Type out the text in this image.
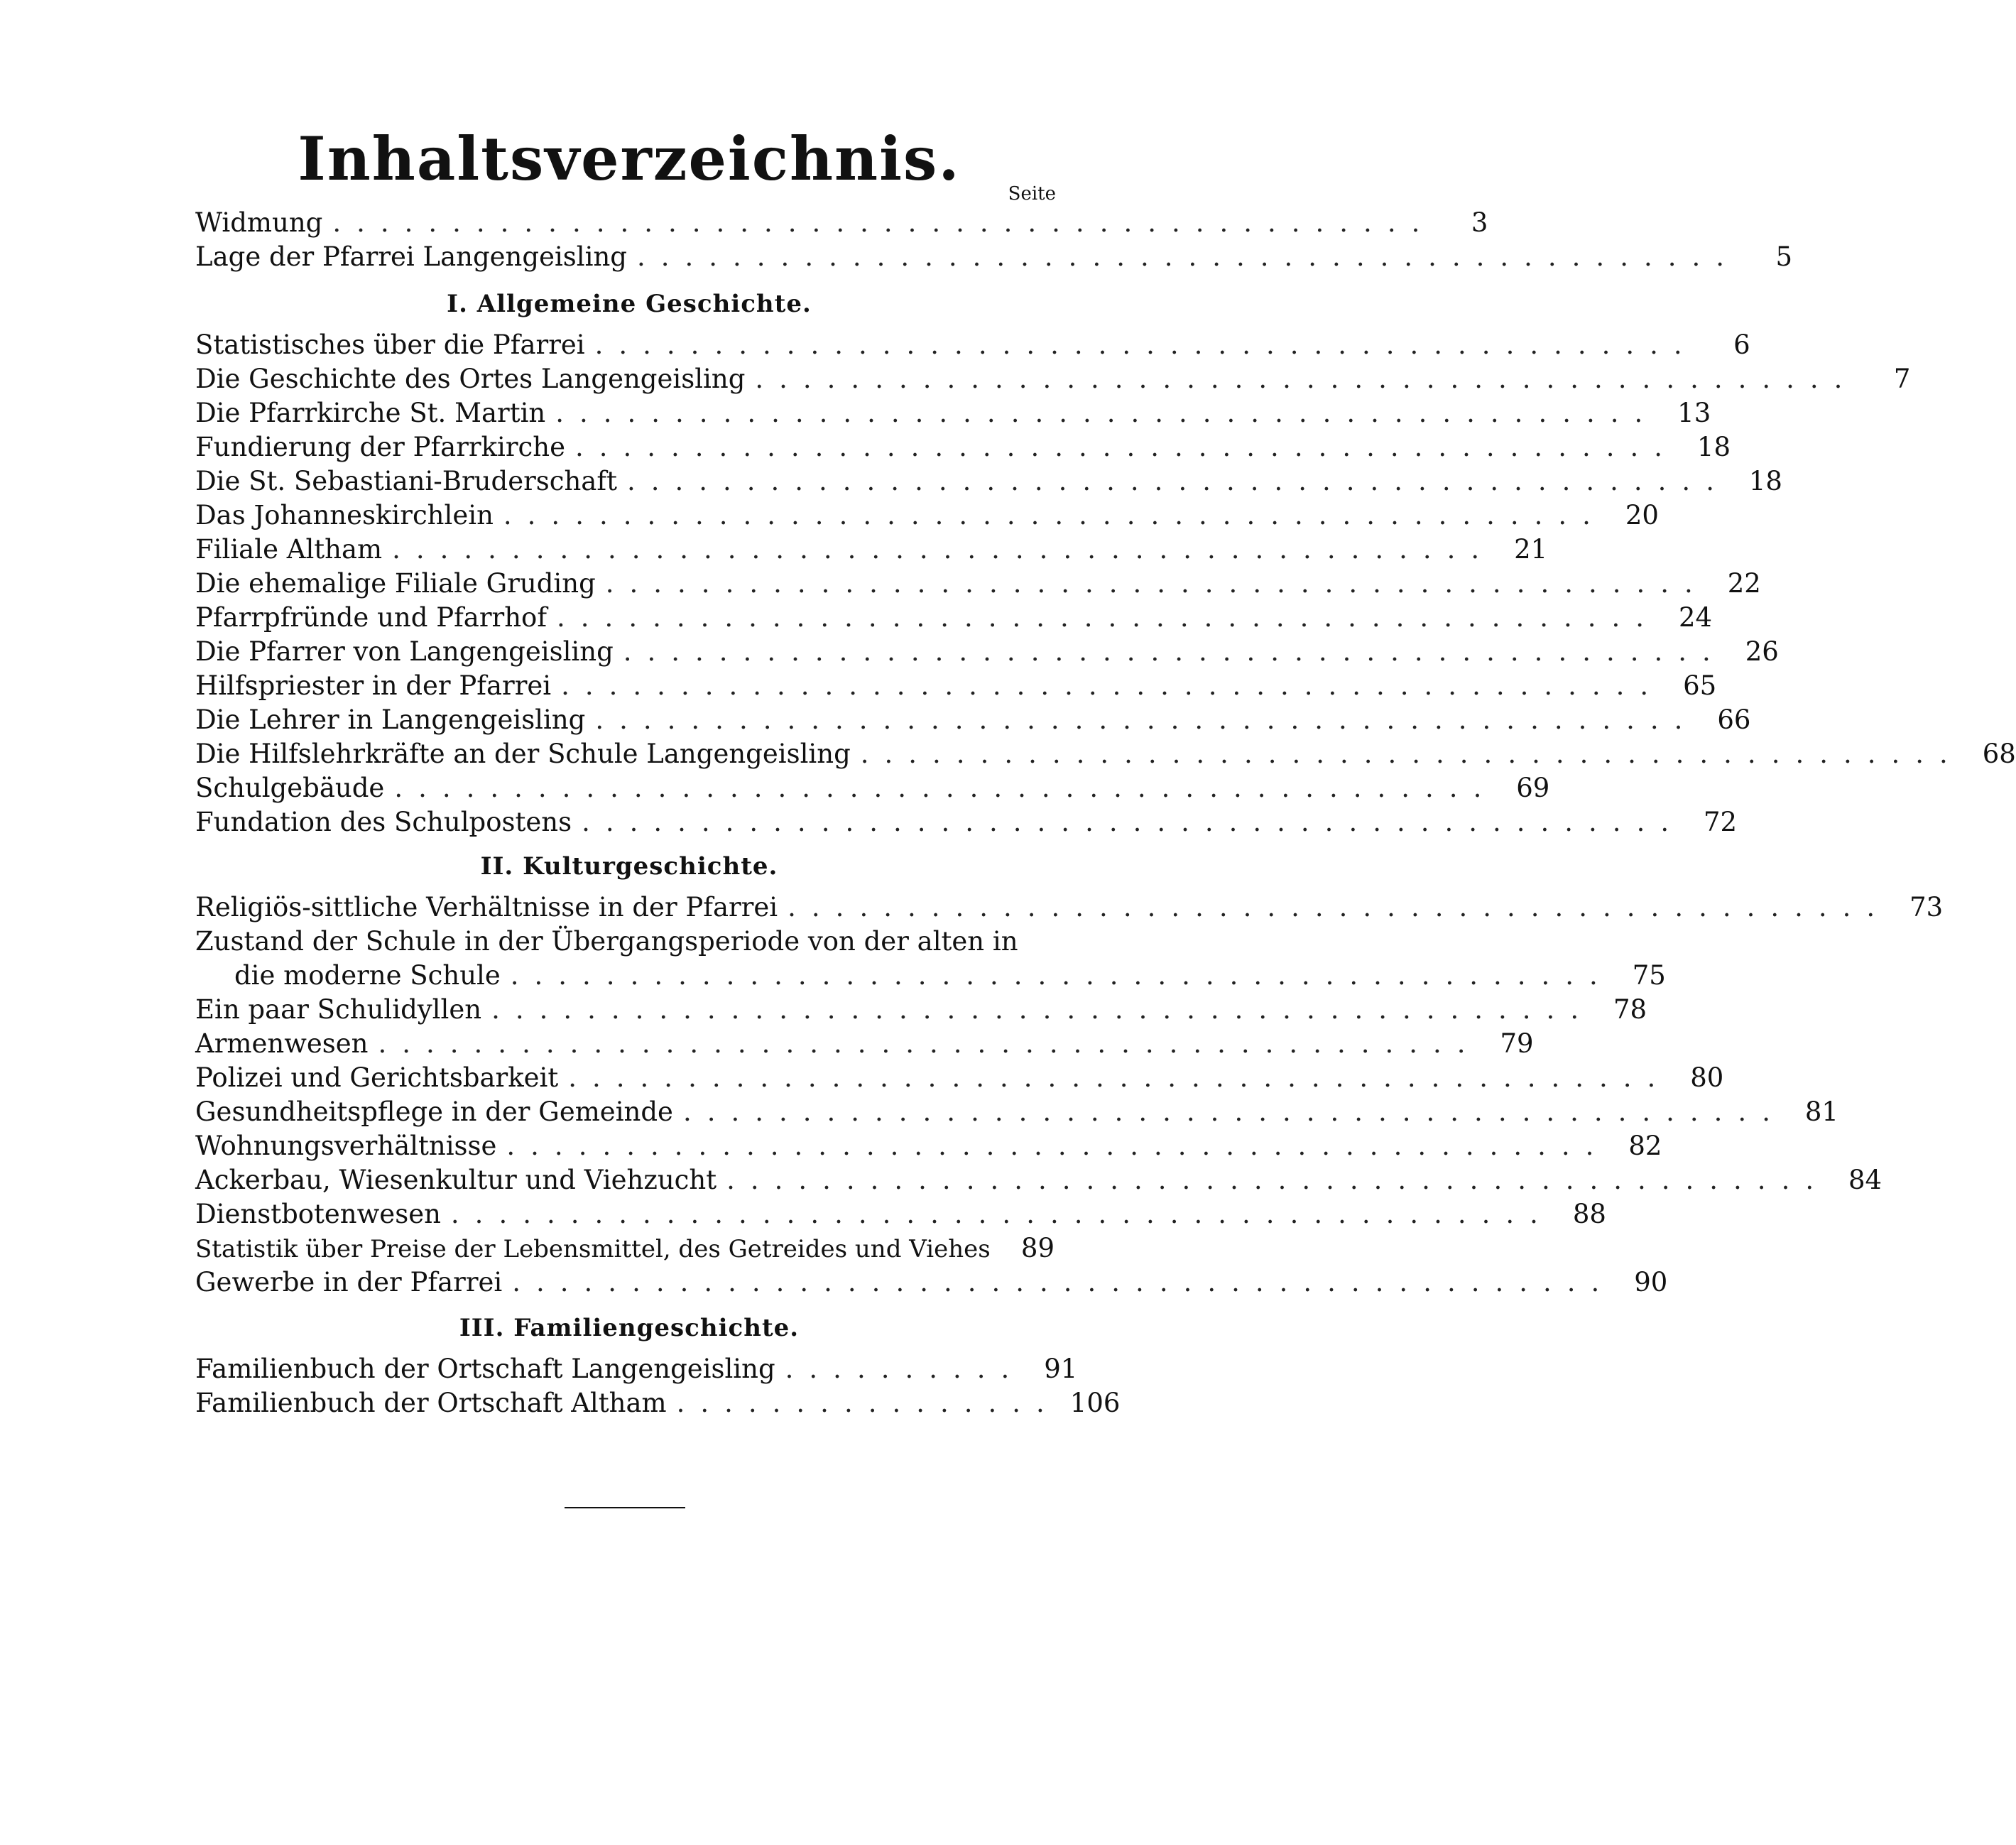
Inhaltsverzeichnis.	Seite
Widmung ..............................................	3
Lage der Pfarrei Langengeisling ..............................................	5
I. Allgemeine Geschichte.
Statistisches über die Pfarrei ..............................................	6
Die Geschichte des Ortes Langengeisling ..............................................	7
Die Pfarrkirche St. Martin .............................................. 13
Fundierung der Pfarrkirche .............................................. 18
Die St. Sebastiani-Bruderschaft .............................................. 18
Das Johanneskirchlein .............................................. 20
Filiale Altham .............................................. 21
Die ehemalige Filiale Gruding .............................................. 22
Pfarrpfründe und Pfarrhof .............................................. 24
Die Pfarrer von Langengeisling .............................................. 26
Hilfspriester in der Pfarrei .............................................. 65
Die Lehrer in Langengeisling .............................................. 66
Die Hilfslehrkräfte an der Schule Langengeisling .............................................. 68
Schulgebäude .............................................. 69
Fundation des Schulpostens .............................................. 72
II. Kulturgeschichte.
Religiös-sittliche Verhältnisse in der Pfarrei .............................................. 73
Zustand der Schule in der Übergangsperiode von der alten in
die moderne Schule .............................................. 75
Ein paar Schulidyllen .............................................. 78
Armenwesen .............................................. 79
Polizei und Gerichtsbarkeit .............................................. 80
Gesundheitspflege in der Gemeinde .............................................. 81
Wohnungsverhältnisse .............................................. 82
Ackerbau, Wiesenkultur und Viehzucht .............................................. 84
Dienstbotenwesen .............................................. 88
Statistik über Preise der Lebensmittel, des Getreides und Viehes	89
Gewerbe in der Pfarrei .............................................. 90
III. Familiengeschichte.
Familienbuch der Ortschaft Langengeisling .......... 91
Familienbuch der Ortschaft Altham ................ 106
